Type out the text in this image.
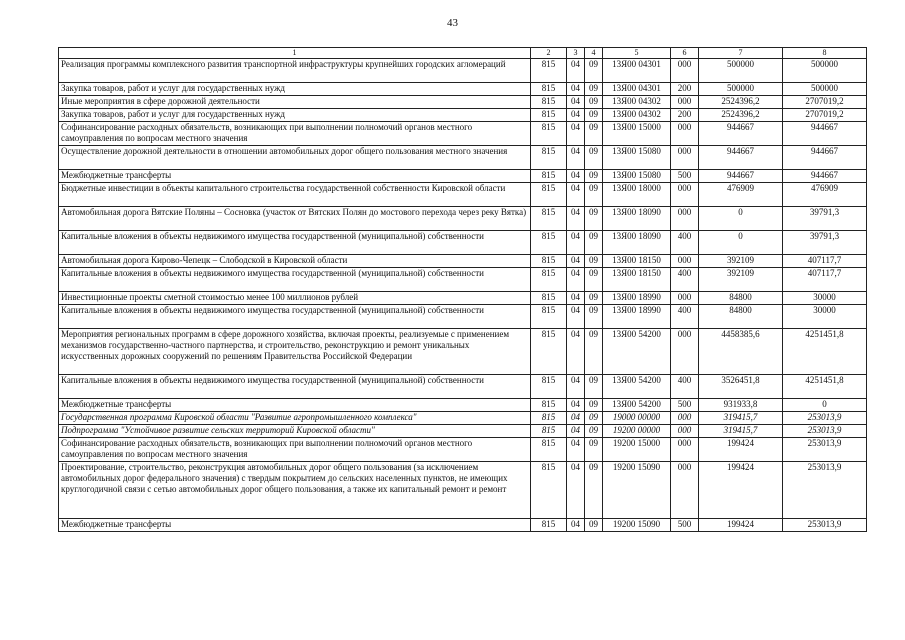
43
1	2	3	4	5	6	7	8
Реализация программы комплексного развития транспортной инфраструктуры крупнейших городских агломераций	815	04	09	13Я00 04301	000	500000	500000
Закупка товаров, работ и услуг для государственных нужд	815	04	09	13Я00 04301	200	500000	500000
Иные мероприятия в сфере дорожной деятельности	815	04	09	13Я00 04302	000	2524396,2	2707019,2
Закупка товаров, работ и услуг для государственных нужд	815	04	09	13Я00 04302	200	2524396,2	2707019,2
Софинансирование расходных обязательств, возникающих при выполнении полномочий органов местного самоуправления по вопросам местного значения	815	04	09	13Я00 15000	000	944667	944667
Осуществление дорожной деятельности в отношении автомобильных дорог общего пользования местного значения	815	04	09	13Я00 15080	000	944667	944667
Межбюджетные трансферты	815	04	09	13Я00 15080	500	944667	944667
Бюджетные инвестиции в объекты капитального строительства государственной собственности Кировской области	815	04	09	13Я00 18000	000	476909	476909
Автомобильная дорога Вятские Поляны – Сосновка (участок от Вятских Полян до мостового перехода через реку Вятка)	815	04	09	13Я00 18090	000	0	39791,3
Капитальные вложения в объекты недвижимого имущества государственной (муниципальной) собственности	815	04	09	13Я00 18090	400	0	39791,3
Автомобильная дорога Кирово-Чепецк – Слободской в Кировской области	815	04	09	13Я00 18150	000	392109	407117,7
Капитальные вложения в объекты недвижимого имущества государственной (муниципальной) собственности	815	04	09	13Я00 18150	400	392109	407117,7
Инвестиционные проекты сметной стоимостью менее 100 миллионов рублей	815	04	09	13Я00 18990	000	84800	30000
Капитальные вложения в объекты недвижимого имущества государственной (муниципальной) собственности	815	04	09	13Я00 18990	400	84800	30000
Мероприятия региональных программ в сфере дорожного хозяйства, включая проекты, реализуемые с применением механизмов государственно-частного партнерства, и строительство, реконструкцию и ремонт уникальных искусственных дорожных сооружений по решениям Правительства Российской Федерации	815	04	09	13Я00 54200	000	4458385,6	4251451,8
Капитальные вложения в объекты недвижимого имущества государственной (муниципальной) собственности	815	04	09	13Я00 54200	400	3526451,8	4251451,8
Межбюджетные трансферты	815	04	09	13Я00 54200	500	931933,8	0
Государственная программа Кировской области "Развитие агропромышленного комплекса"	815	04	09	19000 00000	000	319415,7	253013,9
Подпрограмма "Устойчивое развитие сельских территорий Кировской области"	815	04	09	19200 00000	000	319415,7	253013,9
Софинансирование расходных обязательств, возникающих при выполнении полномочий органов местного самоуправления по вопросам местного значения	815	04	09	19200 15000	000	199424	253013,9
Проектирование, строительство, реконструкция автомобильных дорог общего пользования (за исключением автомобильных дорог федерального значения) с твердым покрытием до сельских населенных пунктов, не имеющих круглогодичной связи с сетью автомобильных дорог общего пользования, а также их капитальный ремонт и ремонт	815	04	09	19200 15090	000	199424	253013,9
Межбюджетные трансферты	815	04	09	19200 15090	500	199424	253013,9
